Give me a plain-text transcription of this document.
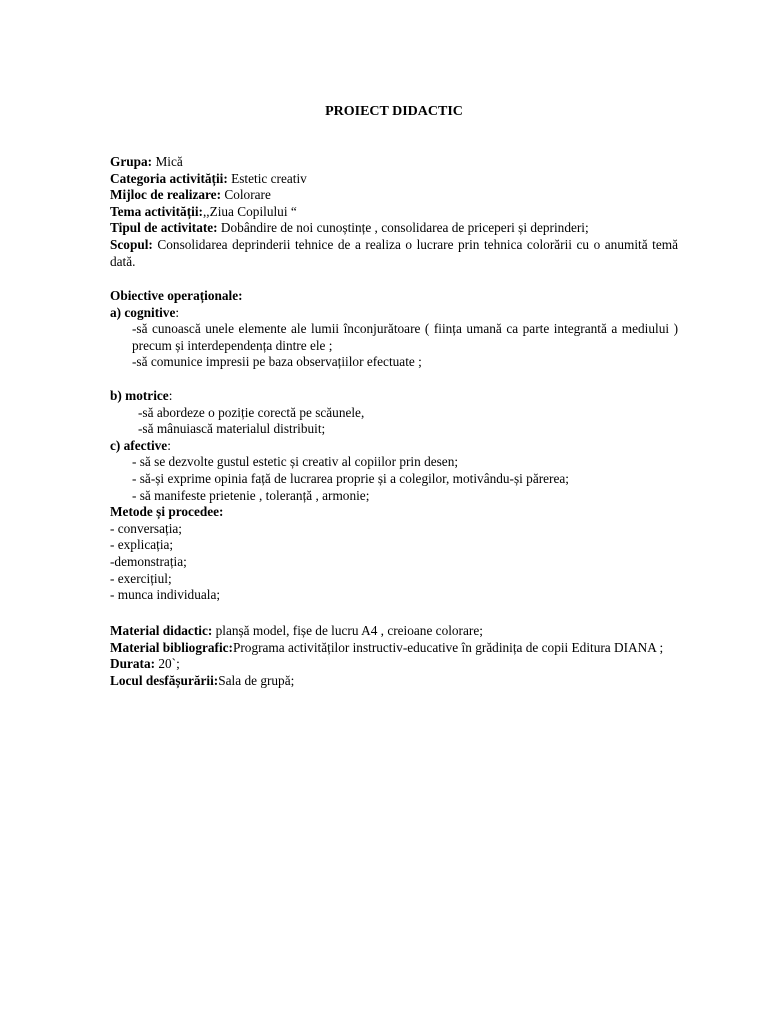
PROIECT DIDACTIC
Grupa: Mică
Categoria activității: Estetic creativ
Mijloc de realizare: Colorare
Tema activității:,,Ziua Copilului “
Tipul de activitate: Dobândire de noi cunoștințe , consolidarea de priceperi și deprinderi;
Scopul: Consolidarea deprinderii tehnice de a realiza o lucrare prin tehnica colorării cu o anumită temă dată.
Obiective operaționale:
a) cognitive:
-să cunoască unele elemente ale lumii înconjurătoare ( ființa umană ca parte integrantă a mediului ) precum și interdependența dintre ele ;
-să comunice impresii pe baza observațiilor efectuate ;
b) motrice:
-să abordeze o poziție corectă pe scăunele,
-să mânuiască materialul distribuit;
c) afective:
- să se dezvolte gustul estetic și creativ al copiilor prin desen;
- să-și exprime opinia față de lucrarea proprie și a colegilor, motivându-și părerea;
- să manifeste prietenie , toleranță , armonie;
Metode și procedee:
- conversația;
- explicația;
-demonstrația;
- exercițiul;
- munca individuala;
Material didactic: planșă model, fișe de lucru A4 , creioane colorare;
Material bibliografic:Programa activităților instructiv-educative în grădinița de copii Editura DIANA ;
Durata: 20`;
Locul desfășurării:Sala de grupă;
